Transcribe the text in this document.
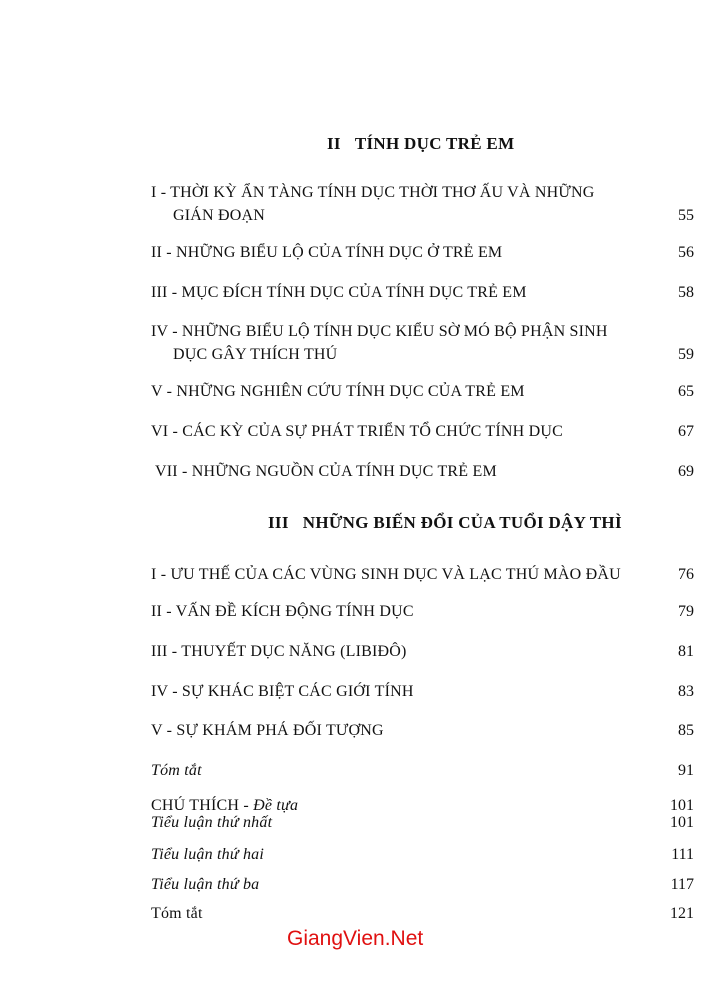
II TÍNH DỤC TRẺ EM
I - THỜI KỲ ẨN TÀNG TÍNH DỤC THỜI THƠ ẤU VÀ NHỮNG
GIÁN ĐOẠN	55
II - NHỮNG BIỂU LỘ CỦA TÍNH DỤC Ở TRẺ EM	56
III - MỤC ĐÍCH TÍNH DỤC CỦA TÍNH DỤC TRẺ EM	58
IV - NHỮNG BIỂU LỘ TÍNH DỤC KIỂU SỜ MÓ BỘ PHẬN SINH
DỤC GÂY THÍCH THÚ	59
V - NHỮNG NGHIÊN CỨU TÍNH DỤC CỦA TRẺ EM	65
VI - CÁC KỲ CỦA SỰ PHÁT TRIỂN TỔ CHỨC TÍNH DỤC	67
VII - NHỮNG NGUỒN CỦA TÍNH DỤC TRẺ EM	69
III NHỮNG BIẾN ĐỔI CỦA TUỔI DẬY THÌ
I - ƯU THẾ CỦA CÁC VÙNG SINH DỤC VÀ LẠC THÚ MÀO ĐẦU	76
II - VẤN ĐỀ KÍCH ĐỘNG TÍNH DỤC	79
III - THUYẾT DỤC NĂNG (LIBIĐÔ)	81
IV - SỰ KHÁC BIỆT CÁC GIỚI TÍNH	83
V - SỰ KHÁM PHÁ ĐỐI TƯỢNG	85
Tóm tắt	91
CHÚ THÍCH - Đề tựa	101
Tiểu luận thứ nhất	101
Tiểu luận thứ hai	111
Tiểu luận thứ ba	117
Tóm tắt	121
GiangVien.Net
